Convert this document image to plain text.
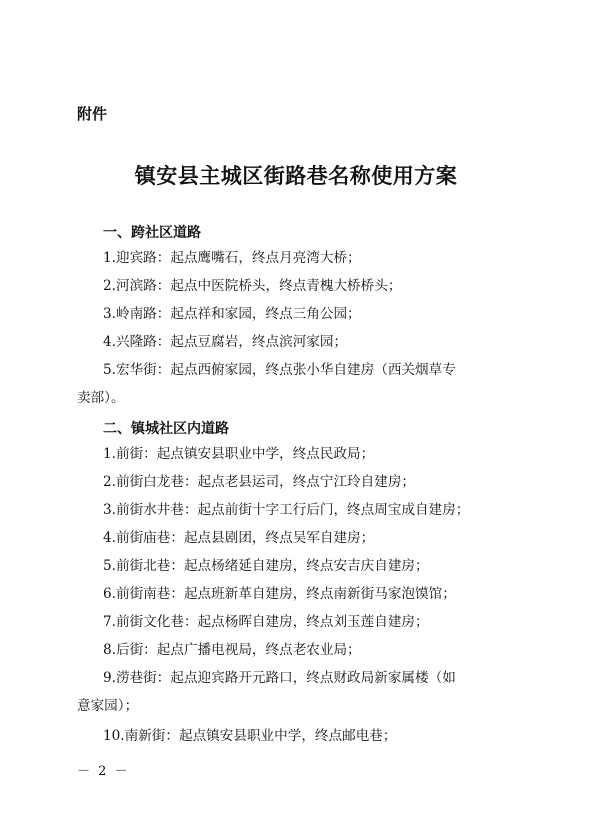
附件
镇安县主城区街路巷名称使用方案
一、跨社区道路
1.迎宾路：起点鹰嘴石，终点月亮湾大桥；
2.河滨路：起点中医院桥头，终点青槐大桥桥头；
3.岭南路：起点祥和家园，终点三角公园；
4.兴隆路：起点豆腐岩，终点滨河家园；
5.宏华街：起点西俯家园，终点张小华自建房（西关烟草专
卖部）。
二、镇城社区内道路
1.前街：起点镇安县职业中学，终点民政局；
2.前街白龙巷：起点老县运司，终点宁江玲自建房；
3.前街水井巷：起点前街十字工行后门，终点周宝成自建房；
4.前街庙巷：起点县剧团，终点吴军自建房；
5.前街北巷：起点杨绪延自建房，终点安吉庆自建房；
6.前街南巷：起点班新革自建房，终点南新街马家泡馍馆；
7.前街文化巷：起点杨晖自建房，终点刘玉莲自建房；
8.后街：起点广播电视局，终点老农业局；
9.涝巷街：起点迎宾路开元路口，终点财政局新家属楼（如
意家园）；
10.南新街：起点镇安县职业中学，终点邮电巷；
－ 2 －
